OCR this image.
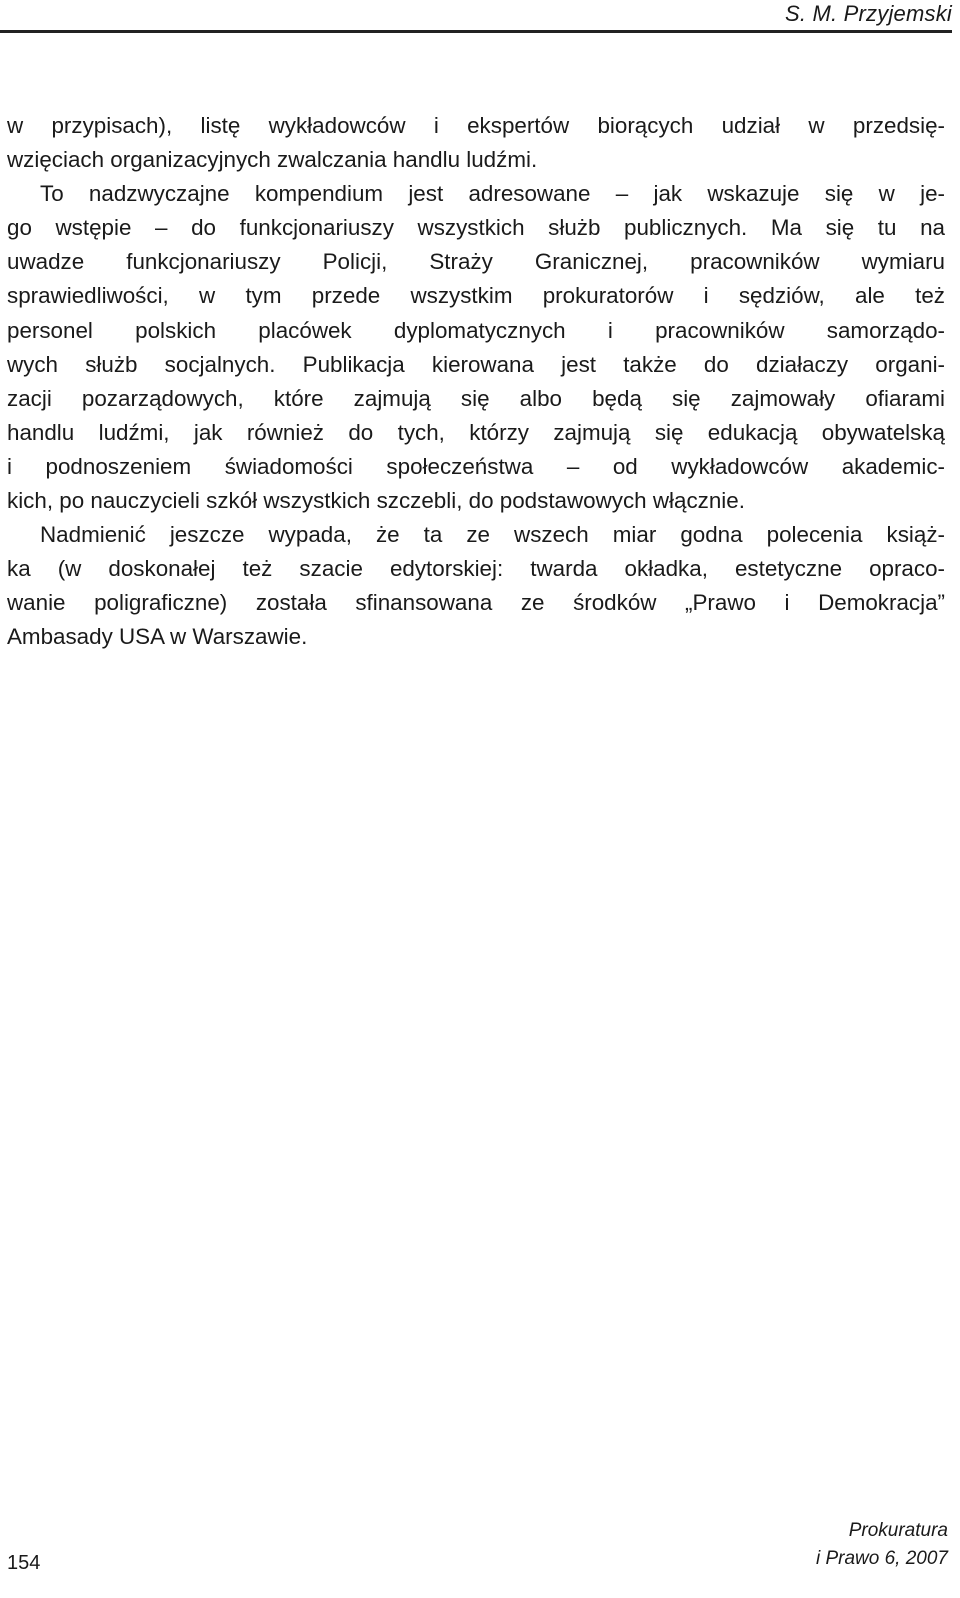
S. M. Przyjemski
w przypisach), listę wykładowców i ekspertów biorących udział w przedsię-
wzięciach organizacyjnych zwalczania handlu ludźmi.
To nadzwyczajne kompendium jest adresowane – jak wskazuje się w je-
go wstępie – do funkcjonariuszy wszystkich służb publicznych. Ma się tu na
uwadze funkcjonariuszy Policji, Straży Granicznej, pracowników wymiaru
sprawiedliwości, w tym przede wszystkim prokuratorów i sędziów, ale też
personel polskich placówek dyplomatycznych i pracowników samorządo-
wych służb socjalnych. Publikacja kierowana jest także do działaczy organi-
zacji pozarządowych, które zajmują się albo będą się zajmowały ofiarami
handlu ludźmi, jak również do tych, którzy zajmują się edukacją obywatelską
i podnoszeniem świadomości społeczeństwa – od wykładowców akademic-
kich, po nauczycieli szkół wszystkich szczebli, do podstawowych włącznie.
Nadmienić jeszcze wypada, że ta ze wszech miar godna polecenia książ-
ka (w doskonałej też szacie edytorskiej: twarda okładka, estetyczne opraco-
wanie poligraficzne) została sfinansowana ze środków „Prawo i Demokracja”
Ambasady USA w Warszawie.
154
Prokuratura
i Prawo 6, 2007
